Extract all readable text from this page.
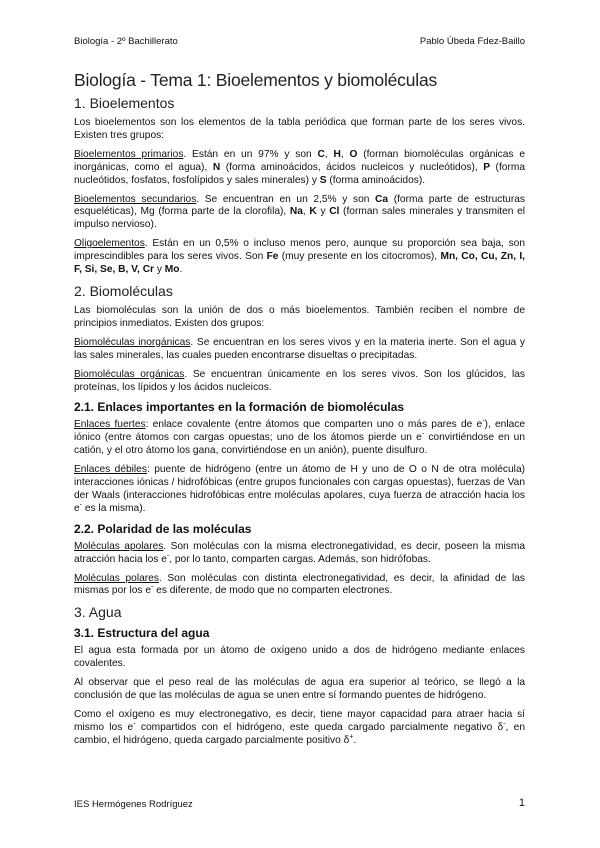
Biología - 2º Bachillerato	Pablo Úbeda Fdez-Baillo
Biología - Tema 1: Bioelementos y biomoléculas
1. Bioelementos

Los bioelementos son los elementos de la tabla periódica que forman parte de los seres vivos. Existen tres grupos:

Bioelementos primarios. Están en un 97% y son C, H, O (forman biomoléculas orgánicas e inorgánicas, como el agua), N (forma aminoácidos, ácidos nucleicos y nucleótidos), P (forma nucleótidos, fosfatos, fosfolípidos y sales minerales) y S (forma aminoácidos).

Bioelementos secundarios. Se encuentran en un 2,5% y son Ca (forma parte de estructuras esqueléticas), Mg (forma parte de la clorofila), Na, K y Cl (forman sales minerales y transmiten el impulso nervioso).

Oligoelementos. Están en un 0,5% o incluso menos pero, aunque su proporción sea baja, son imprescindibles para los seres vivos. Son Fe (muy presente en los citocromos), Mn, Co, Cu, Zn, I, F, Si, Se, B, V, Cr y Mo.

2. Biomoléculas

Las biomoléculas son la unión de dos o más bioelementos. También reciben el nombre de principios inmediatos. Existen dos grupos:

Biomoléculas inorgánicas. Se encuentran en los seres vivos y en la materia inerte. Son el agua y las sales minerales, las cuales pueden encontrarse disueltas o precipitadas.

Biomoléculas orgánicas. Se encuentran únicamente en los seres vivos. Son los glúcidos, las proteínas, los lípidos y los ácidos nucleicos.

2.1. Enlaces importantes en la formación de biomoléculas

Enlaces fuertes: enlace covalente (entre átomos que comparten uno o más pares de e-), enlace iónico (entre átomos con cargas opuestas; uno de los átomos pierde un e- convirtiéndose en un catión, y el otro átomo los gana, convirtiéndose en un anión), puente disulfuro.

Enlaces débiles: puente de hidrógeno (entre un átomo de H y uno de O o N de otra molécula) interacciones iónicas / hidrofóbicas (entre grupos funcionales con cargas opuestas), fuerzas de Van der Waals (interacciones hidrofóbicas entre moléculas apolares, cuya fuerza de atracción hacia los e- es la misma).

2.2. Polaridad de las moléculas

Moléculas apolares. Son moléculas con la misma electronegatividad, es decir, poseen la misma atracción hacia los e-, por lo tanto, comparten cargas. Además, son hidrófobas.

Moléculas polares. Son moléculas con distinta electronegatividad, es decir, la afinidad de las mismas por los e- es diferente, de modo que no comparten electrones.

3. Agua
3.1. Estructura del agua

El agua esta formada por un átomo de oxígeno unido a dos de hidrógeno mediante enlaces covalentes.

Al observar que el peso real de las moléculas de agua era superior al teórico, se llegó a la conclusión de que las moléculas de agua se unen entre sí formando puentes de hidrógeno.

Como el oxígeno es muy electronegativo, es decir, tiene mayor capacidad para atraer hacia sí mismo los e- compartidos con el hidrógeno, este queda cargado parcialmente negativo δ-, en cambio, el hidrógeno, queda cargado parcialmente positivo δ+.

IES Hermógenes Rodríguez	1
